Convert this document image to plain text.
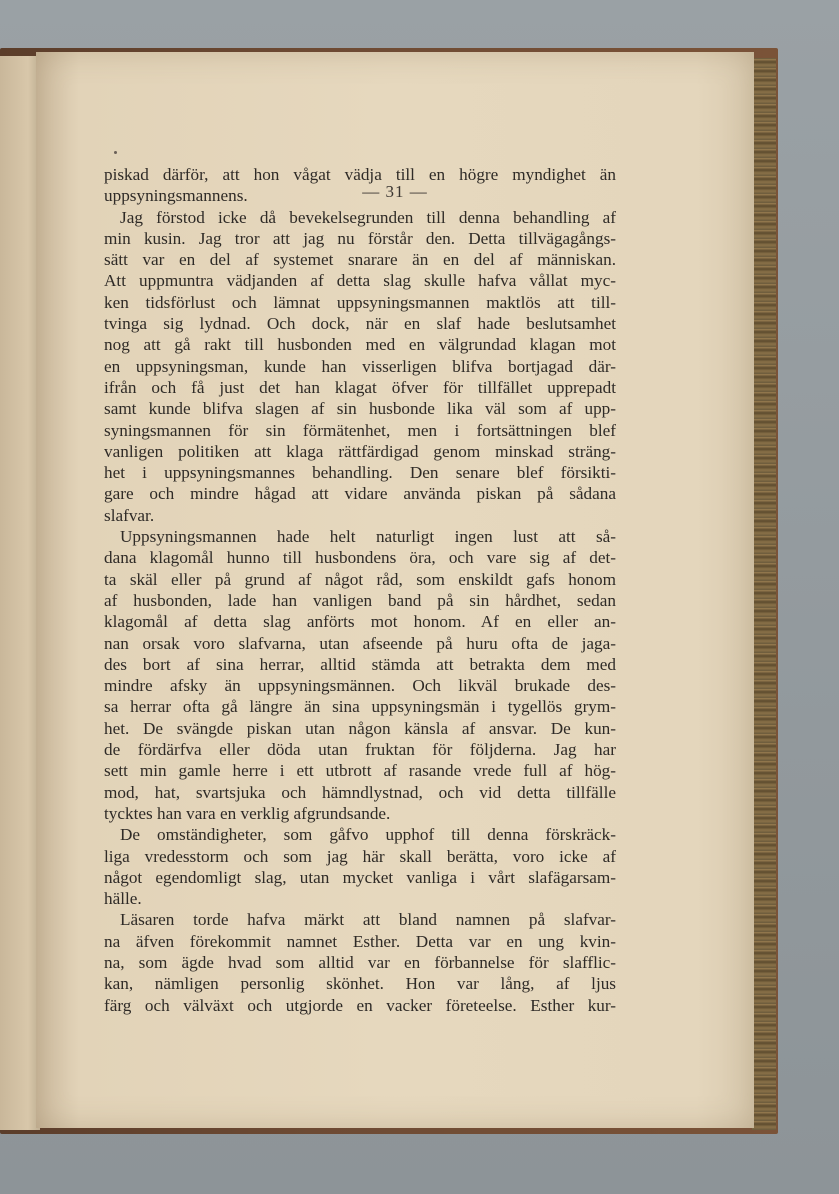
— 31 —
piskad därför, att hon vågat vädja till en högre myndighet än
uppsyningsmannens.
Jag förstod icke då bevekelsegrunden till denna behandling af
min kusin. Jag tror att jag nu förstår den. Detta tillvägagångs-
sätt var en del af systemet snarare än en del af människan.
Att uppmuntra vädjanden af detta slag skulle hafva vållat myc-
ken tidsförlust och lämnat uppsyningsmannen maktlös att till-
tvinga sig lydnad. Och dock, när en slaf hade beslutsamhet
nog att gå rakt till husbonden med en välgrundad klagan mot
en uppsyningsman, kunde han visserligen blifva bortjagad där-
ifrån och få just det han klagat öfver för tillfället upprepadt
samt kunde blifva slagen af sin husbonde lika väl som af upp-
syningsmannen för sin förmätenhet, men i fortsättningen blef
vanligen politiken att klaga rättfärdigad genom minskad sträng-
het i uppsyningsmannes behandling. Den senare blef försikti-
gare och mindre hågad att vidare använda piskan på sådana
slafvar.
Uppsyningsmannen hade helt naturligt ingen lust att så-
dana klagomål hunno till husbondens öra, och vare sig af det-
ta skäl eller på grund af något råd, som enskildt gafs honom
af husbonden, lade han vanligen band på sin hårdhet, sedan
klagomål af detta slag anförts mot honom. Af en eller an-
nan orsak voro slafvarna, utan afseende på huru ofta de jaga-
des bort af sina herrar, alltid stämda att betrakta dem med
mindre afsky än uppsyningsmännen. Och likväl brukade des-
sa herrar ofta gå längre än sina uppsyningsmän i tygellös grym-
het. De svängde piskan utan någon känsla af ansvar. De kun-
de fördärfva eller döda utan fruktan för följderna. Jag har
sett min gamle herre i ett utbrott af rasande vrede full af hög-
mod, hat, svartsjuka och hämndlystnad, och vid detta tillfälle
tycktes han vara en verklig afgrundsande.
De omständigheter, som gåfvo upphof till denna förskräck-
liga vredesstorm och som jag här skall berätta, voro icke af
något egendomligt slag, utan mycket vanliga i vårt slafägarsam-
hälle.
Läsaren torde hafva märkt att bland namnen på slafvar-
na äfven förekommit namnet Esther. Detta var en ung kvin-
na, som ägde hvad som alltid var en förbannelse för slafflic-
kan, nämligen personlig skönhet. Hon var lång, af ljus
färg och välväxt och utgjorde en vacker företeelse. Esther kur-
